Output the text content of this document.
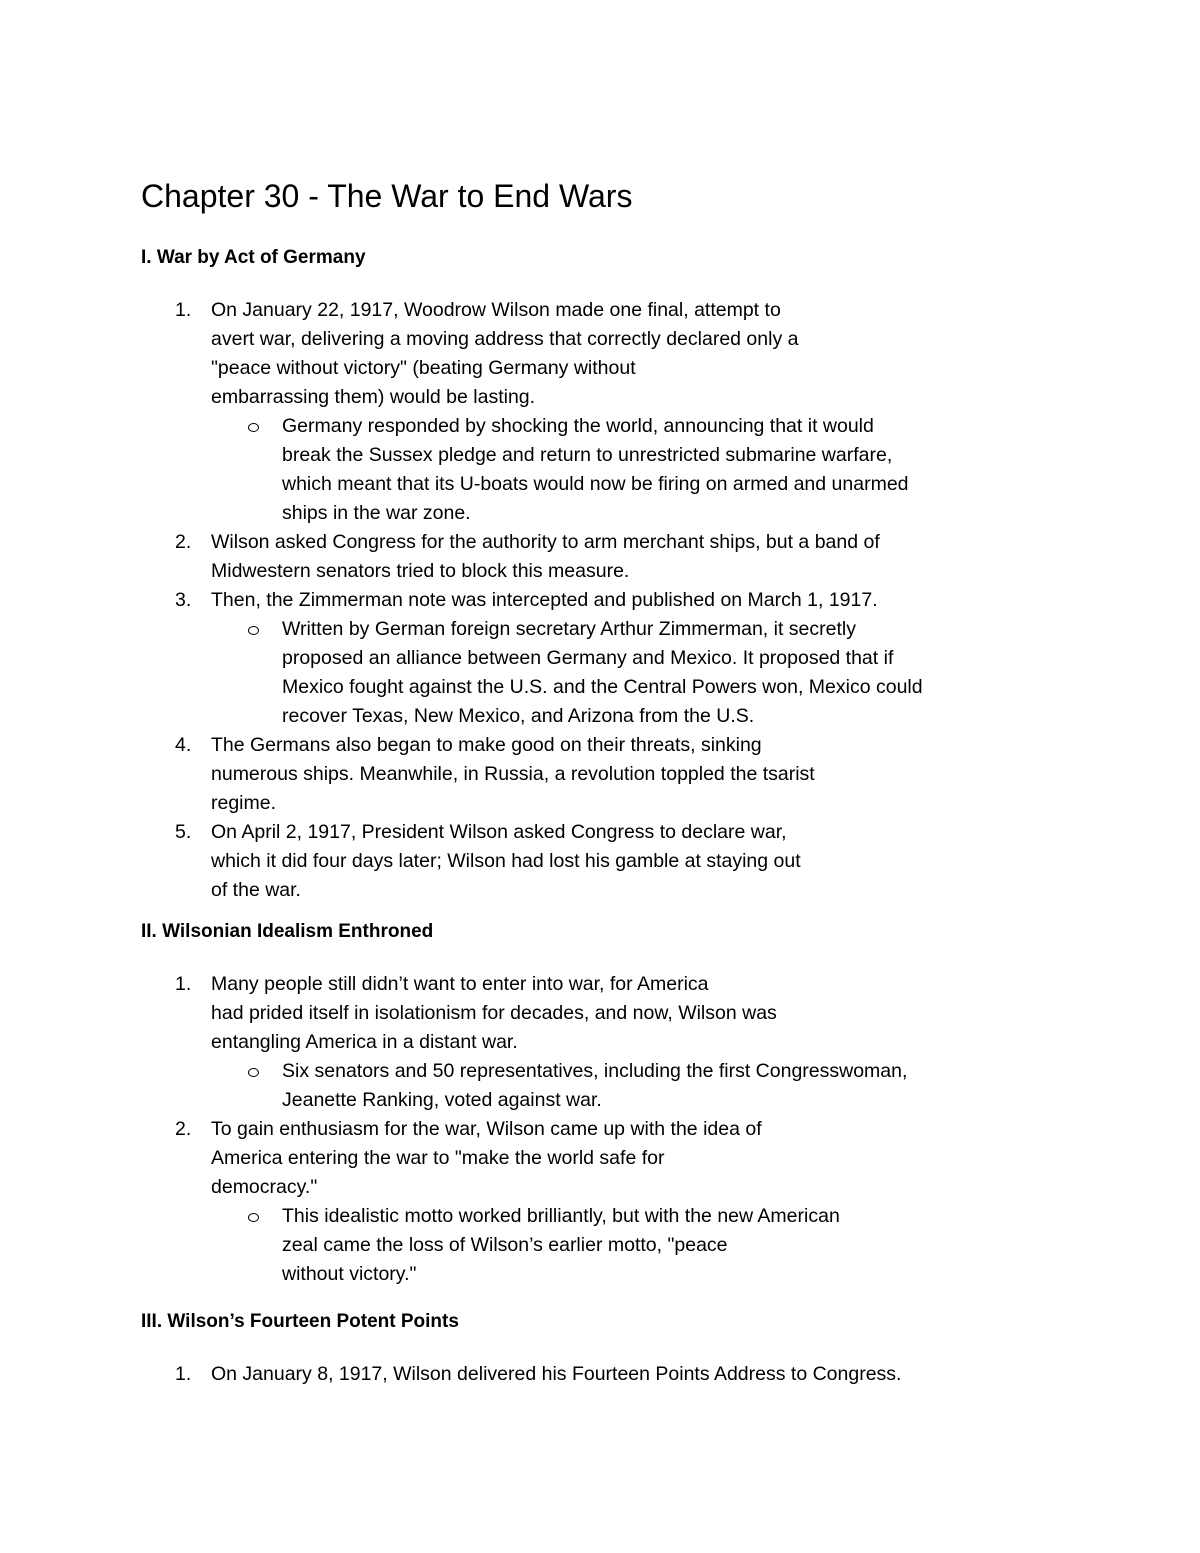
Chapter 30 - The War to End Wars
I. War by Act of Germany
1. On January 22, 1917, Woodrow Wilson made one final, attempt to
avert war, delivering a moving address that correctly declared only a
"peace without victory" (beating Germany without
embarrassing them) would be lasting.
Germany responded by shocking the world, announcing that it would
break the Sussex pledge and return to unrestricted submarine warfare,
which meant that its U-boats would now be firing on armed and unarmed
ships in the war zone.
2. Wilson asked Congress for the authority to arm merchant ships, but a band of
Midwestern senators tried to block this measure.
3. Then, the Zimmerman note was intercepted and published on March 1, 1917.
Written by German foreign secretary Arthur Zimmerman, it secretly
proposed an alliance between Germany and Mexico. It proposed that if
Mexico fought against the U.S. and the Central Powers won, Mexico could
recover Texas, New Mexico, and Arizona from the U.S.
4. The Germans also began to make good on their threats, sinking
numerous ships. Meanwhile, in Russia, a revolution toppled the tsarist
regime.
5. On April 2, 1917, President Wilson asked Congress to declare war,
which it did four days later; Wilson had lost his gamble at staying out
of the war.
II. Wilsonian Idealism Enthroned
1. Many people still didn’t want to enter into war, for America
had prided itself in isolationism for decades, and now, Wilson was
entangling America in a distant war.
Six senators and 50 representatives, including the first Congresswoman,
Jeanette Ranking, voted against war.
2. To gain enthusiasm for the war, Wilson came up with the idea of
America entering the war to "make the world safe for
democracy."
This idealistic motto worked brilliantly, but with the new American
zeal came the loss of Wilson’s earlier motto, "peace
without victory."
III. Wilson’s Fourteen Potent Points
1. On January 8, 1917, Wilson delivered his Fourteen Points Address to Congress.
